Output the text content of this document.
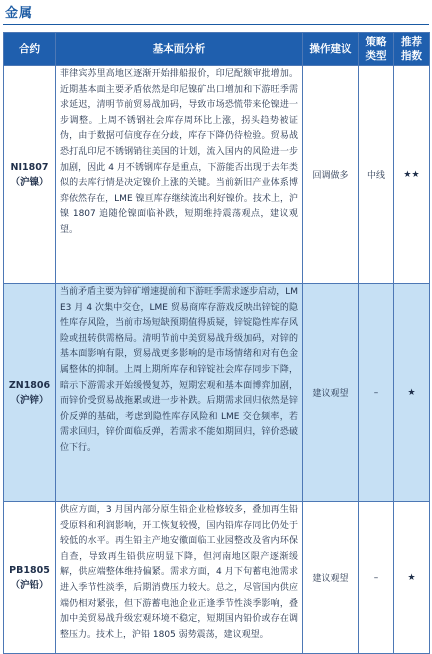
金属
合约	基本面分析	操作建议	策略类型	推荐指数

NI1807
（沪镍）	菲律宾苏里高地区逐渐开始排船报价，印尼配额审批增加。近期基本面主要矛盾依然是印尼镍矿出口增加和下游旺季需求延迟，清明节前贸易战加码，导致市场恐慌带来伦镍进一步调整。上周不锈钢社会库存周环比上涨，拐头趋势被证伪，由于数据可信度存在分歧，库存下降仍待检验。贸易战恐打乱印尼不锈钢销往美国的计划，流入国内的风险进一步加剧，因此 4 月不锈钢库存是重点，下游能否出现于去年类似的去库行情是决定镍价上涨的关键。当前新旧产业体系博弈依然存在，LME 镍亘库存继续流出利好镍价。技术上，沪镍 1807 追随伦镍面临补跌，短期维持震荡观点，建议观望。	回调做多	中线	★★

ZN1806
（沪锌）	当前矛盾主要为锌矿增速提前和下游旺季需求逐步启动，LME3 月 4 次集中交仓，LME 贸易商库存游戏反映出锌锭的隐性库存风险，当前市场短缺预期值得质疑，锌锭隐性库存风险或扭转供需格局。清明节前中美贸易战升级加码，对锌的基本面影响有限，贸易战更多影响的是市场情绪和对有色金属整体的抑制。上周上期所库存和锌锭社会库存同步下降，暗示下游需求开始缓慢复苏，短期宏观和基本面博弈加剧，而锌价受贸易战拖累或进一步补跌。后期需求回归依然是锌价反弹的基础，考虑到隐性库存风险和 LME 交仓频率，若需求回归，锌价面临反弹，若需求不能如期回归，锌价恐破位下行。	建议观望	–	★

PB1805
（沪铅）	供应方面，3 月国内部分原生铅企业检修较多，叠加再生铅受原料和利润影响，开工恢复较慢，国内铅库存同比仍处于较低的水平。再生铅主产地安徽面临工业园整改及省内环保自查，导致再生铅供应明显下降，但河南地区限产逐渐缓解，供应端整体维持偏紧。需求方面，4 月下旬蓄电池需求进入季节性淡季，后期消费压力较大。总之，尽管国内供应端仍相对紧张，但下游蓄电池企业正逢季节性淡季影响，叠加中美贸易战升级宏观环境不稳定，短期国内铅价或存在调整压力。技术上，沪铅 1805 弱势震荡，建议观望。	建议观望	–	★
